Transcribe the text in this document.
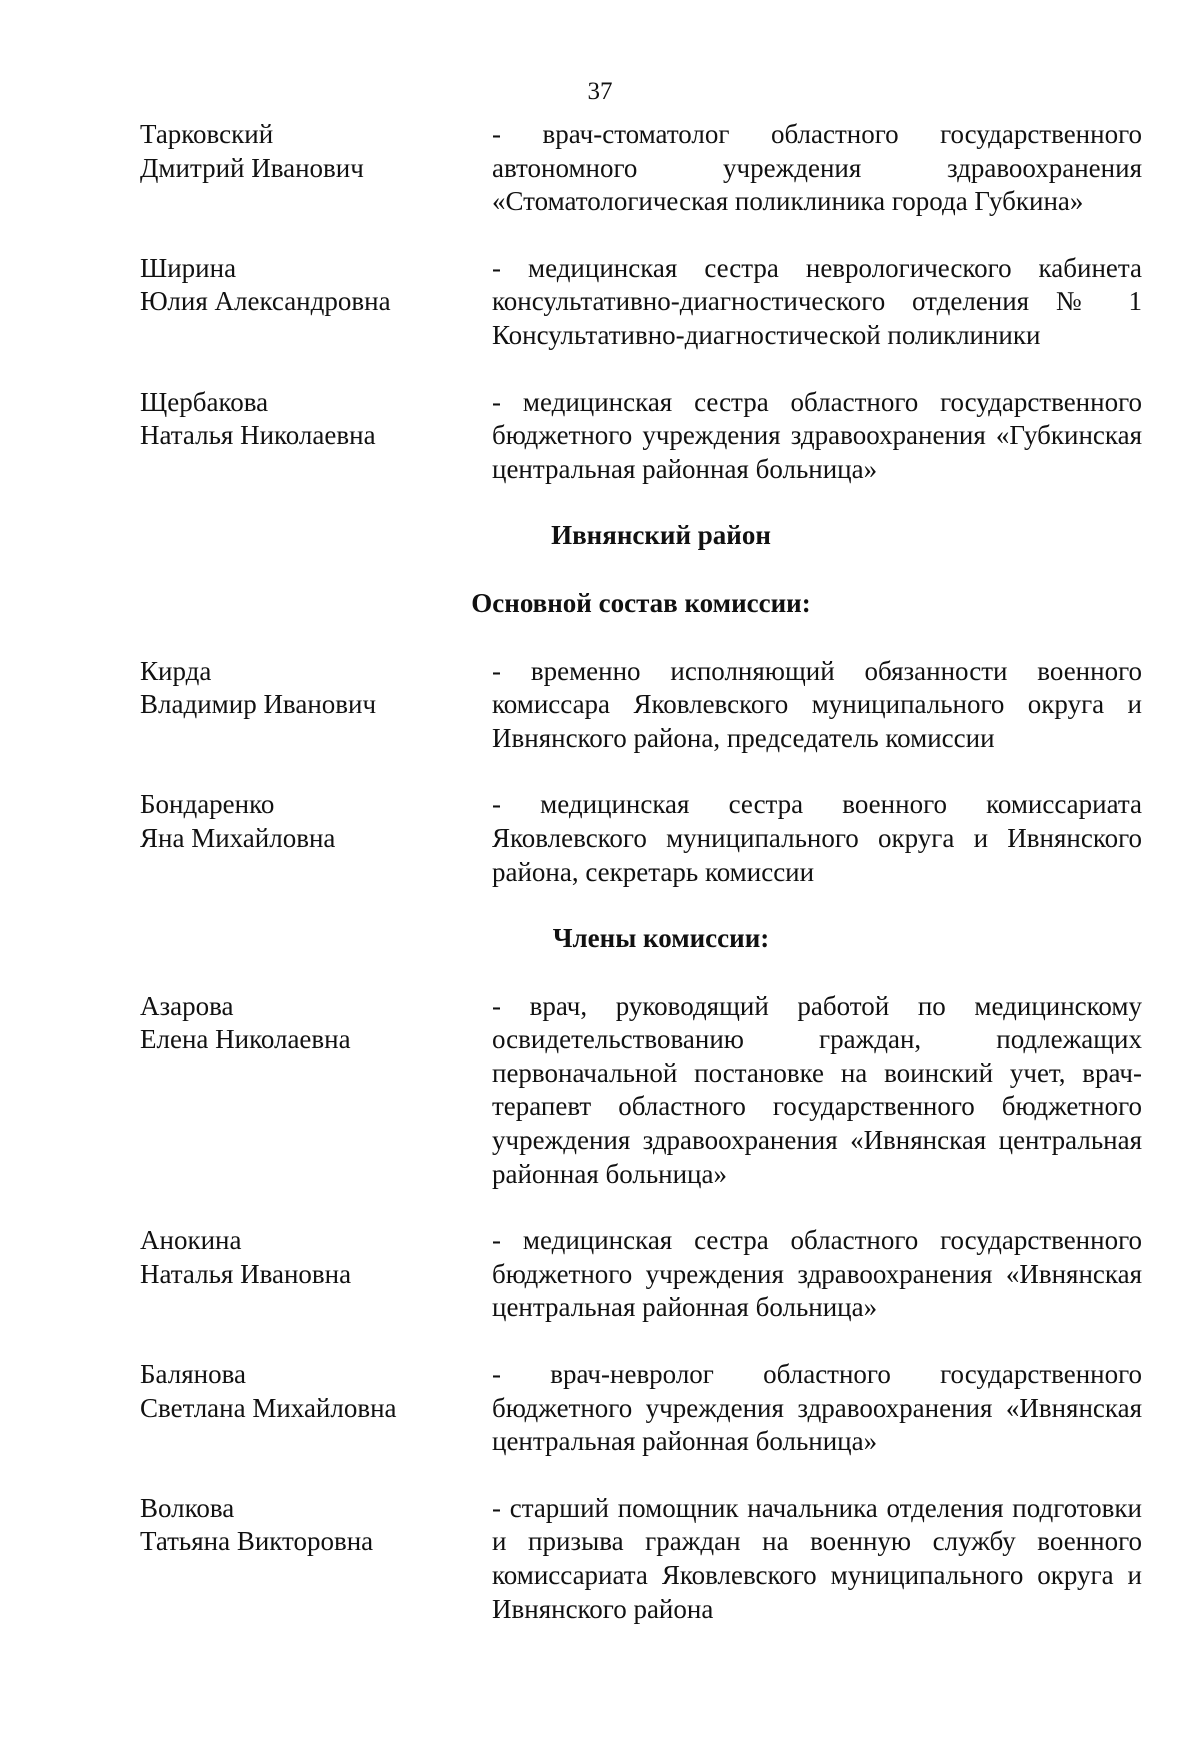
37
Тарковский
Дмитрий Иванович
- врач-стоматолог областного государственного автономного учреждения здравоохранения «Стоматологическая поликлиника города Губкина»
Ширина
Юлия Александровна
- медицинская сестра неврологического кабинета консультативно-диагностического отделения № 1 Консультативно-диагностической поликлиники
Щербакова
Наталья Николаевна
- медицинская сестра областного государственного бюджетного учреждения здравоохранения «Губкинская центральная районная больница»
Ивнянский район
Основной состав комиссии:
Кирда
Владимир Иванович
- временно исполняющий обязанности военного комиссара Яковлевского муниципального округа и Ивнянского района, председатель комиссии
Бондаренко
Яна Михайловна
- медицинская сестра военного комиссариата Яковлевского муниципального округа и Ивнянского района, секретарь комиссии
Члены комиссии:
Азарова
Елена Николаевна
- врач, руководящий работой по медицинскому освидетельствованию граждан, подлежащих первоначальной постановке на воинский учет, врач-терапевт областного государственного бюджетного учреждения здравоохранения «Ивнянская центральная районная больница»
Анокина
Наталья Ивановна
- медицинская сестра областного государственного бюджетного учреждения здравоохранения «Ивнянская центральная районная больница»
Балянова
Светлана Михайловна
- врач-невролог областного государственного бюджетного учреждения здравоохранения «Ивнянская центральная районная больница»
Волкова
Татьяна Викторовна
- старший помощник начальника отделения подготовки и призыва граждан на военную службу военного комиссариата Яковлевского муниципального округа и Ивнянского района
